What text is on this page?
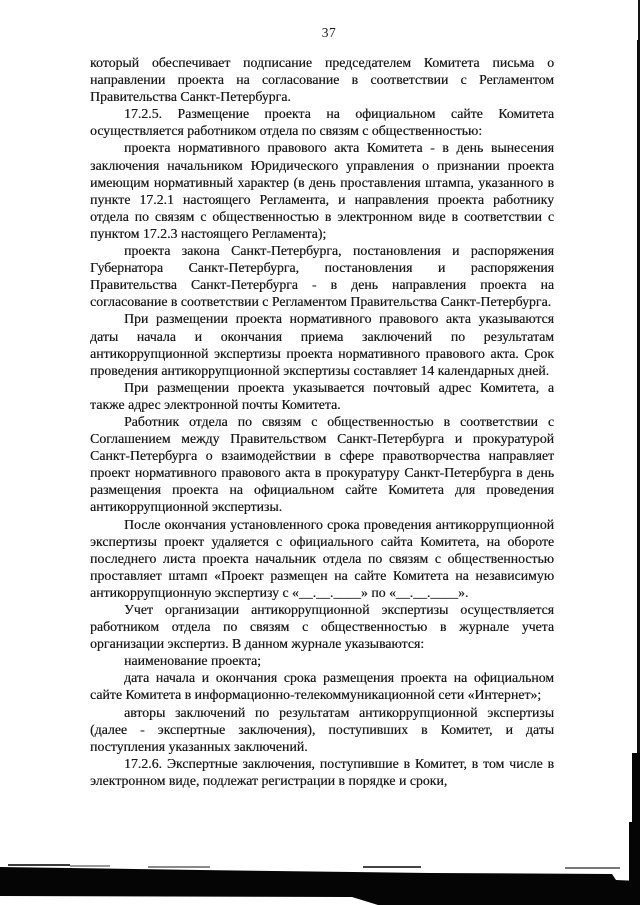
37

который обеспечивает подписание председателем Комитета письма о направлении проекта на согласование в соответствии с Регламентом Правительства Санкт-Петербурга.

17.2.5. Размещение проекта на официальном сайте Комитета осуществляется работником отдела по связям с общественностью:

проекта нормативного правового акта Комитета - в день вынесения заключения начальником Юридического управления о признании проекта имеющим нормативный характер (в день проставления штампа, указанного в пункте 17.2.1 настоящего Регламента, и направления проекта работнику отдела по связям с общественностью в электронном виде в соответствии с пунктом 17.2.3 настоящего Регламента);

проекта закона Санкт-Петербурга, постановления и распоряжения Губернатора Санкт-Петербурга, постановления и распоряжения Правительства Санкт-Петербурга - в день направления проекта на согласование в соответствии с Регламентом Правительства Санкт-Петербурга.

При размещении проекта нормативного правового акта указываются даты начала и окончания приема заключений по результатам антикоррупционной экспертизы проекта нормативного правового акта. Срок проведения антикоррупционной экспертизы составляет 14 календарных дней.

При размещении проекта указывается почтовый адрес Комитета, а также адрес электронной почты Комитета.

Работник отдела по связям с общественностью в соответствии с Соглашением между Правительством Санкт-Петербурга и прокуратурой Санкт-Петербурга о взаимодействии в сфере правотворчества направляет проект нормативного правового акта в прокуратуру Санкт-Петербурга в день размещения проекта на официальном сайте Комитета для проведения антикоррупционной экспертизы.

После окончания установленного срока проведения антикоррупционной экспертизы проект удаляется с официального сайта Комитета, на обороте последнего листа проекта начальник отдела по связям с общественностью проставляет штамп «Проект размещен на сайте Комитета на независимую антикоррупционную экспертизу с «__.__.____» по «__.__.____».

Учет организации антикоррупционной экспертизы осуществляется работником отдела по связям с общественностью в журнале учета организации экспертиз. В данном журнале указываются:

наименование проекта;

дата начала и окончания срока размещения проекта на официальном сайте Комитета в информационно-телекоммуникационной сети «Интернет»;

авторы заключений по результатам антикоррупционной экспертизы (далее - экспертные заключения), поступивших в Комитет, и даты поступления указанных заключений.

17.2.6. Экспертные заключения, поступившие в Комитет, в том числе в электронном виде, подлежат регистрации в порядке и сроки,
